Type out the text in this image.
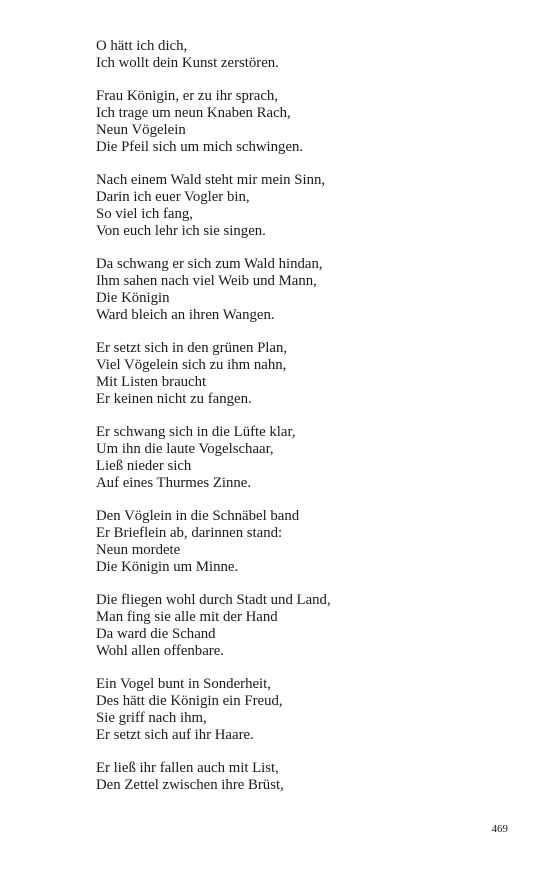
O hätt ich dich,
Ich wollt dein Kunst zerstören.
Frau Königin, er zu ihr sprach,
Ich trage um neun Knaben Rach,
Neun Vögelein
Die Pfeil sich um mich schwingen.
Nach einem Wald steht mir mein Sinn,
Darin ich euer Vogler bin,
So viel ich fang,
Von euch lehr ich sie singen.
Da schwang er sich zum Wald hindan,
Ihm sahen nach viel Weib und Mann,
Die Königin
Ward bleich an ihren Wangen.
Er setzt sich in den grünen Plan,
Viel Vögelein sich zu ihm nahn,
Mit Listen braucht
Er keinen nicht zu fangen.
Er schwang sich in die Lüfte klar,
Um ihn die laute Vogelschaar,
Ließ nieder sich
Auf eines Thurmes Zinne.
Den Vöglein in die Schnäbel band
Er Brieflein ab, darinnen stand:
Neun mordete
Die Königin um Minne.
Die fliegen wohl durch Stadt und Land,
Man fing sie alle mit der Hand
Da ward die Schand
Wohl allen offenbare.
Ein Vogel bunt in Sonderheit,
Des hätt die Königin ein Freud,
Sie griff nach ihm,
Er setzt sich auf ihr Haare.
Er ließ ihr fallen auch mit List,
Den Zettel zwischen ihre Brüst,
469
